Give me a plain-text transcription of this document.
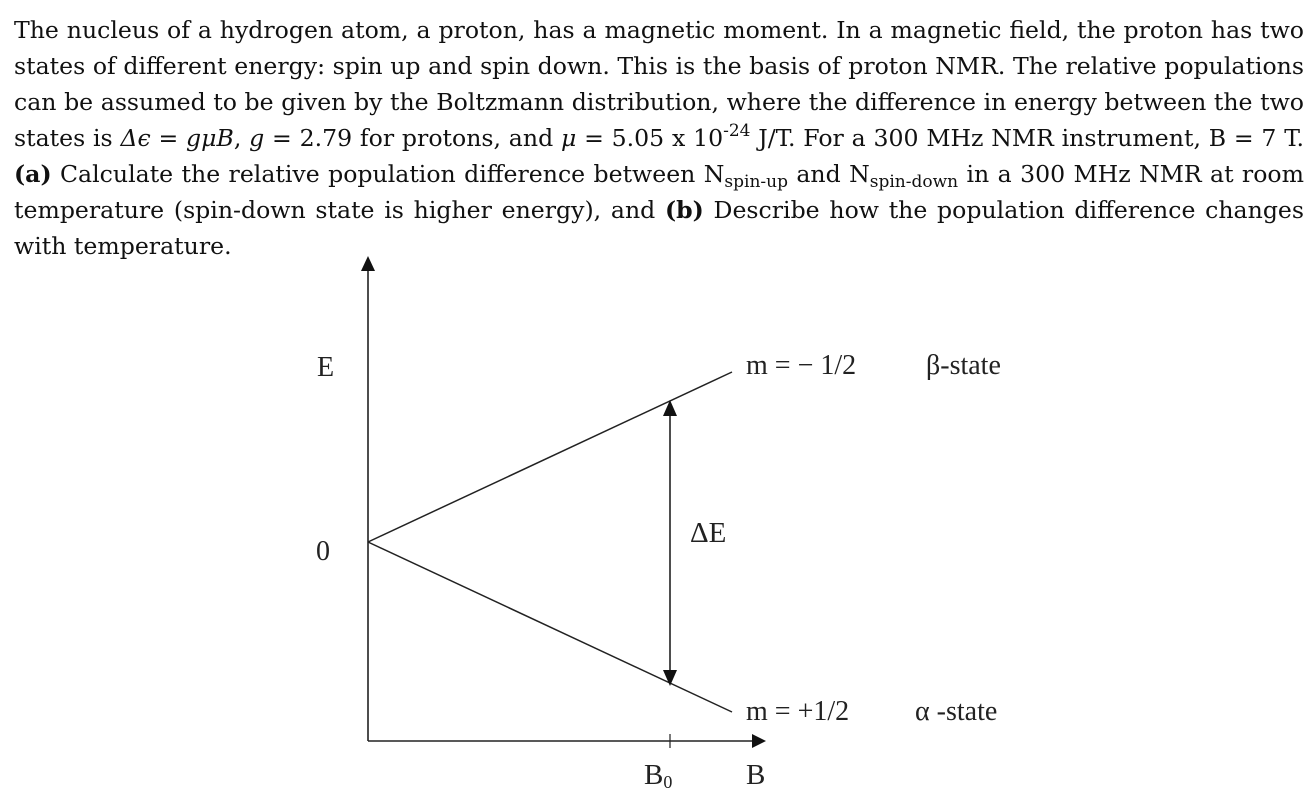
The nucleus of a hydrogen atom, a proton, has a magnetic moment. In a magnetic field, the proton has two states of different energy: spin up and spin down. This is the basis of proton NMR. The relative populations can be assumed to be given by the Boltzmann distribution, where the difference in energy between the two states is Δϵ = gμB, g = 2.79 for protons, and μ = 5.05 x $10^{-24}$ J/T. For a 300 MHz NMR instrument, B = 7 T. (a) Calculate the relative population difference between $N_{spin-up}$ and $N_{spin-down}$ in a 300 MHz NMR at room temperature (spin-down state is higher energy), and (b) Describe how the population difference changes with temperature.
E
0
ΔE
m = − 1/2 β-state
m = +1/2 α -state
B0	B
